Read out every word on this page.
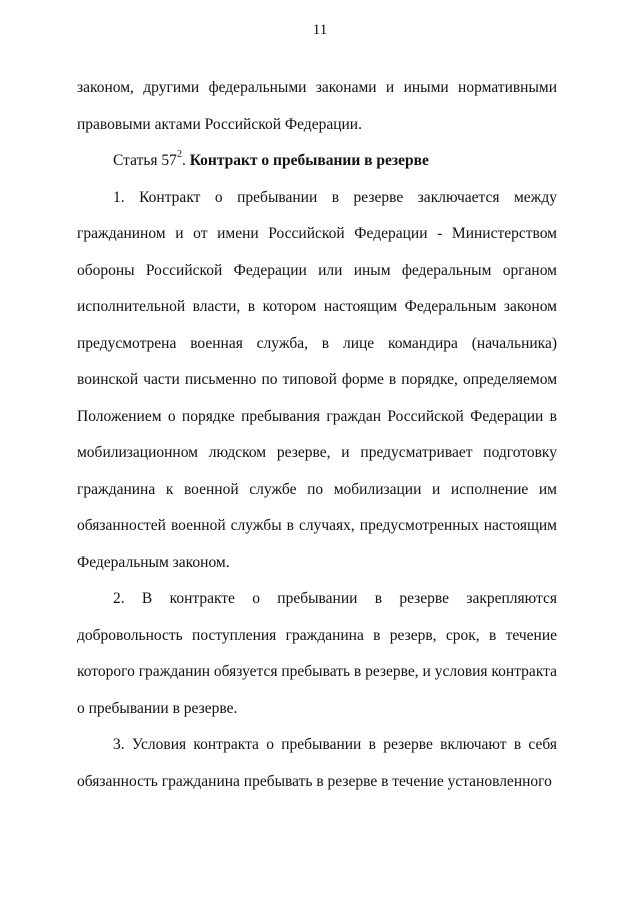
11

законом, другими федеральными законами и иными нормативными правовыми актами Российской Федерации.

Статья $57^2$. Контракт о пребывании в резерве

1. Контракт о пребывании в резерве заключается между гражданином и от имени Российской Федерации - Министерством обороны Российской Федерации или иным федеральным органом исполнительной власти, в котором настоящим Федеральным законом предусмотрена военная служба, в лице командира (начальника) воинской части письменно по типовой форме в порядке, определяемом Положением о порядке пребывания граждан Российской Федерации в мобилизационном людском резерве, и предусматривает подготовку гражданина к военной службе по мобилизации и исполнение им обязанностей военной службы в случаях, предусмотренных настоящим Федеральным законом.

2. В контракте о пребывании в резерве закрепляются добровольность поступления гражданина в резерв, срок, в течение которого гражданин обязуется пребывать в резерве, и условия контракта о пребывании в резерве.

3. Условия контракта о пребывании в резерве включают в себя обязанность гражданина пребывать в резерве в течение установленного
